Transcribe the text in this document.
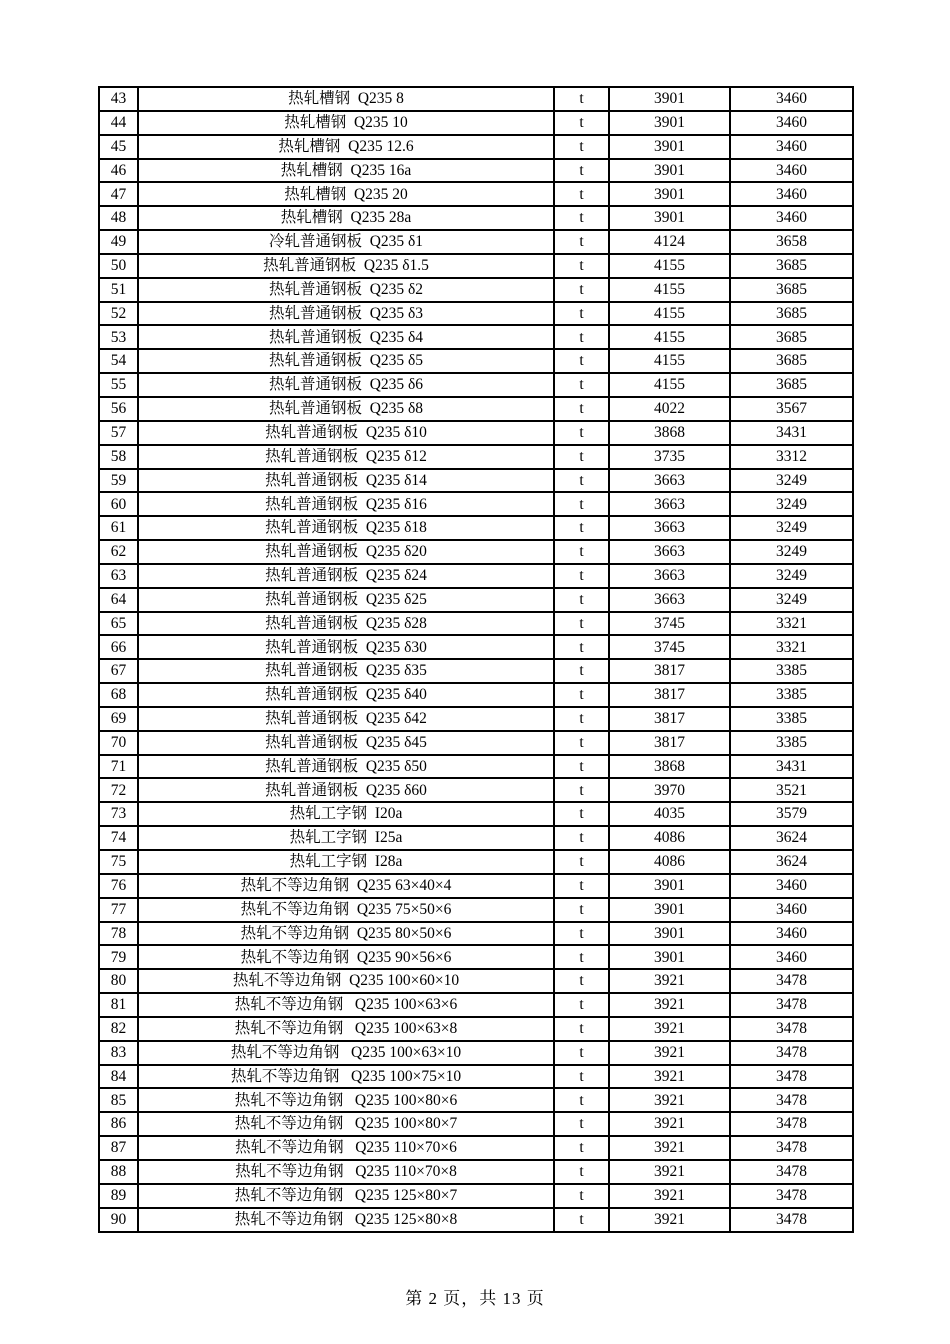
43	热轧槽钢  Q235 8	t	3901	3460
44	热轧槽钢  Q235 10	t	3901	3460
45	热轧槽钢  Q235 12.6	t	3901	3460
46	热轧槽钢  Q235 16a	t	3901	3460
47	热轧槽钢  Q235 20	t	3901	3460
48	热轧槽钢  Q235 28a	t	3901	3460
49	冷轧普通钢板  Q235 δ1	t	4124	3658
50	热轧普通钢板  Q235 δ1.5	t	4155	3685
51	热轧普通钢板  Q235 δ2	t	4155	3685
52	热轧普通钢板  Q235 δ3	t	4155	3685
53	热轧普通钢板  Q235 δ4	t	4155	3685
54	热轧普通钢板  Q235 δ5	t	4155	3685
55	热轧普通钢板  Q235 δ6	t	4155	3685
56	热轧普通钢板  Q235 δ8	t	4022	3567
57	热轧普通钢板  Q235 δ10	t	3868	3431
58	热轧普通钢板  Q235 δ12	t	3735	3312
59	热轧普通钢板  Q235 δ14	t	3663	3249
60	热轧普通钢板  Q235 δ16	t	3663	3249
61	热轧普通钢板  Q235 δ18	t	3663	3249
62	热轧普通钢板  Q235 δ20	t	3663	3249
63	热轧普通钢板  Q235 δ24	t	3663	3249
64	热轧普通钢板  Q235 δ25	t	3663	3249
65	热轧普通钢板  Q235 δ28	t	3745	3321
66	热轧普通钢板  Q235 δ30	t	3745	3321
67	热轧普通钢板  Q235 δ35	t	3817	3385
68	热轧普通钢板  Q235 δ40	t	3817	3385
69	热轧普通钢板  Q235 δ42	t	3817	3385
70	热轧普通钢板  Q235 δ45	t	3817	3385
71	热轧普通钢板  Q235 δ50	t	3868	3431
72	热轧普通钢板  Q235 δ60	t	3970	3521
73	热轧工字钢  I20a	t	4035	3579
74	热轧工字钢  I25a	t	4086	3624
75	热轧工字钢  I28a	t	4086	3624
76	热轧不等边角钢  Q235 63×40×4	t	3901	3460
77	热轧不等边角钢  Q235 75×50×6	t	3901	3460
78	热轧不等边角钢  Q235 80×50×6	t	3901	3460
79	热轧不等边角钢  Q235 90×56×6	t	3901	3460
80	热轧不等边角钢  Q235 100×60×10	t	3921	3478
81	热轧不等边角钢   Q235 100×63×6	t	3921	3478
82	热轧不等边角钢   Q235 100×63×8	t	3921	3478
83	热轧不等边角钢   Q235 100×63×10	t	3921	3478
84	热轧不等边角钢   Q235 100×75×10	t	3921	3478
85	热轧不等边角钢   Q235 100×80×6	t	3921	3478
86	热轧不等边角钢   Q235 100×80×7	t	3921	3478
87	热轧不等边角钢   Q235 110×70×6	t	3921	3478
88	热轧不等边角钢   Q235 110×70×8	t	3921	3478
89	热轧不等边角钢   Q235 125×80×7	t	3921	3478
90	热轧不等边角钢   Q235 125×80×8	t	3921	3478
第 2 页，共 13 页
